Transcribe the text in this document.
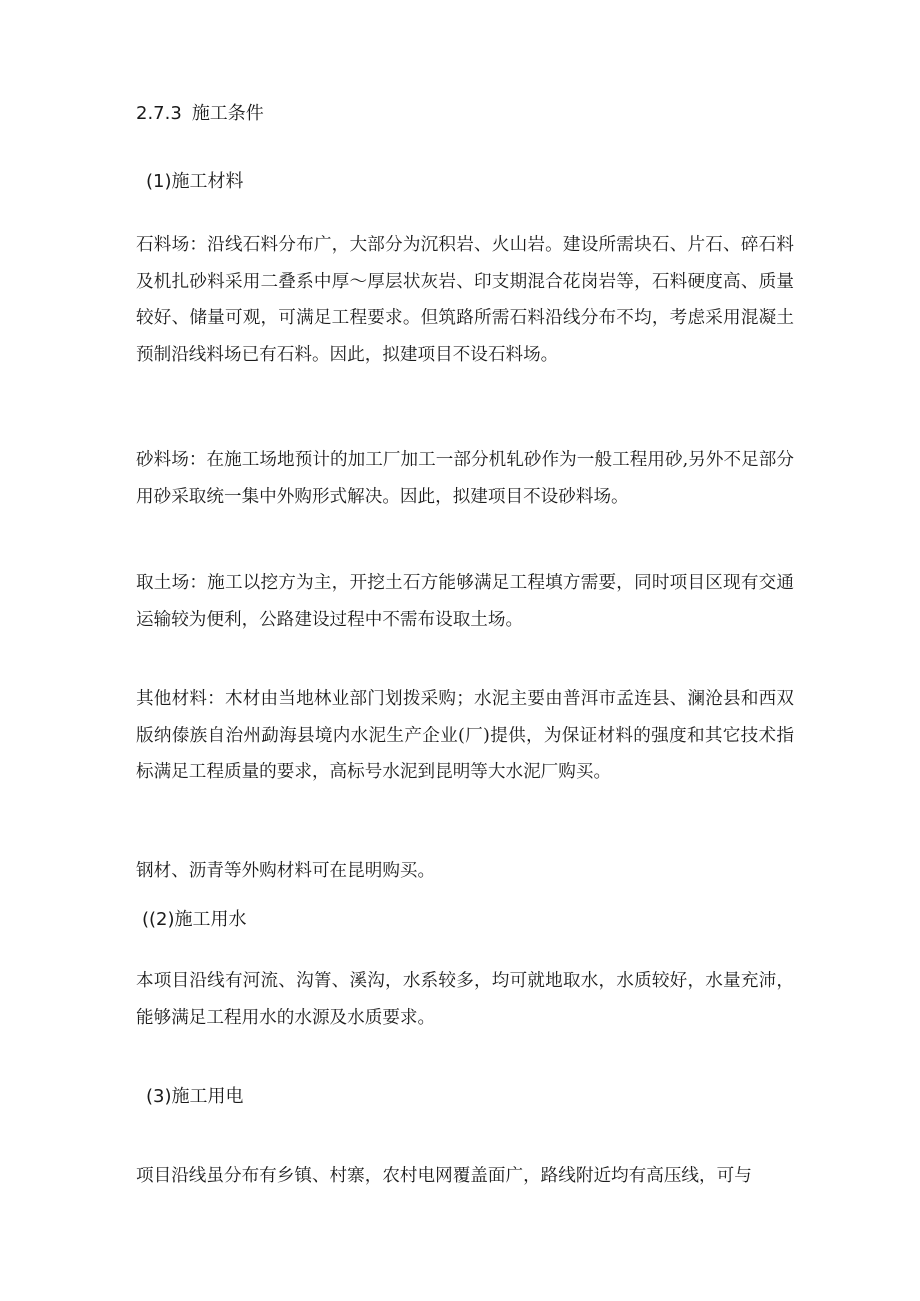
2.7.3 施工条件
(1)施工材料

石料场：沿线石料分布广，大部分为沉积岩、火山岩。建设所需块石、片石、碎石料及机扎砂料采用二叠系中厚～厚层状灰岩、印支期混合花岗岩等，石料硬度高、质量较好、储量可观，可满足工程要求。但筑路所需石料沿线分布不均，考虑采用混凝土预制沿线料场已有石料。因此，拟建项目不设石料场。

砂料场：在施工场地预计的加工厂加工一部分机轧砂作为一般工程用砂,另外不足部分用砂采取统一集中外购形式解决。因此，拟建项目不设砂料场。

取土场：施工以挖方为主，开挖土石方能够满足工程填方需要，同时项目区现有交通运输较为便利，公路建设过程中不需布设取土场。

其他材料：木材由当地林业部门划拨采购；水泥主要由普洱市孟连县、澜沧县和西双版纳傣族自治州勐海县境内水泥生产企业(厂)提供，为保证材料的强度和其它技术指标满足工程质量的要求，高标号水泥到昆明等大水泥厂购买。

钢材、沥青等外购材料可在昆明购买。

((2)施工用水

本项目沿线有河流、沟箐、溪沟，水系较多，均可就地取水，水质较好，水量充沛，能够满足工程用水的水源及水质要求。

(3)施工用电

项目沿线虽分布有乡镇、村寨，农村电网覆盖面广，路线附近均有高压线，可与
